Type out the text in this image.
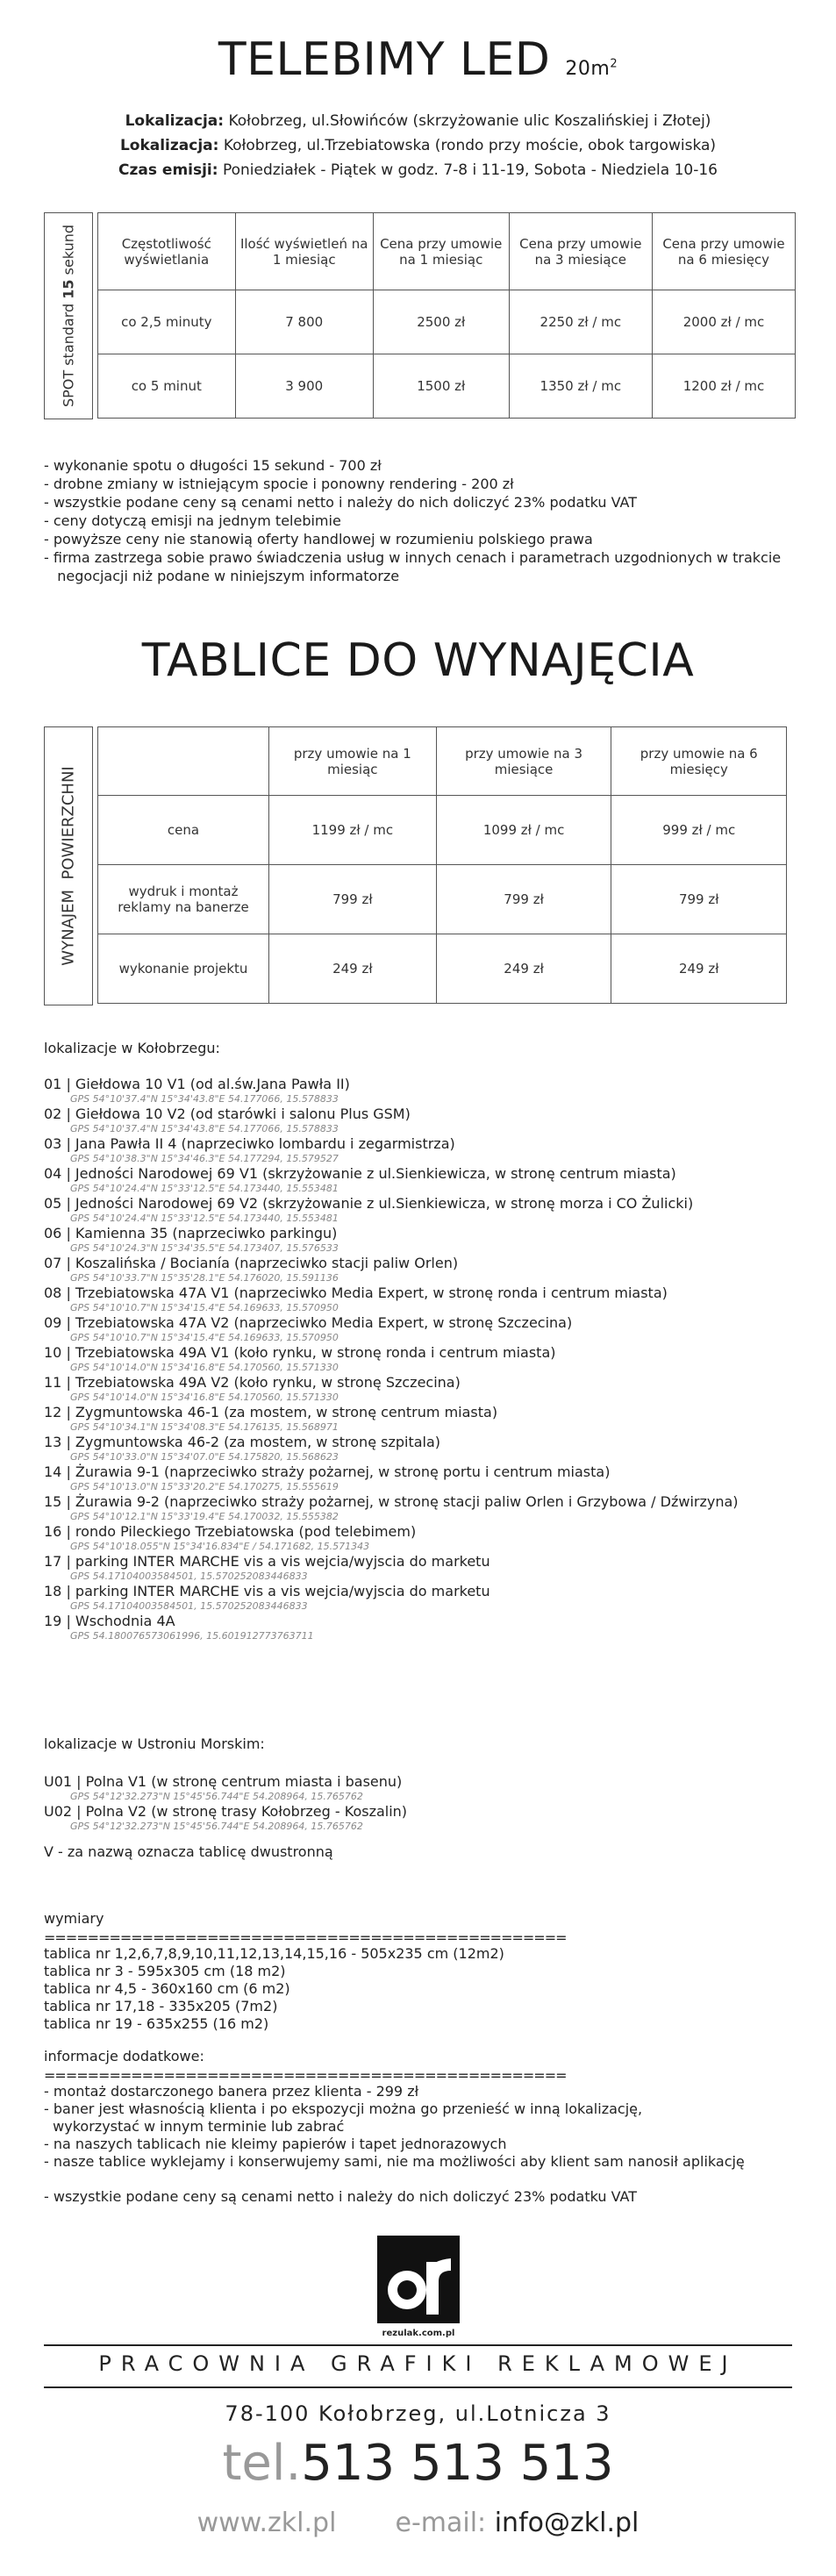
TELEBIMY LED $20m^2$
Lokalizacja: Kołobrzeg, ul.Słowińców (skrzyżowanie ulic Koszalińskiej i Złotej)
Lokalizacja: Kołobrzeg, ul.Trzebiatowska (rondo przy moście, obok targowiska)
Czas emisji: Poniedziałek - Piątek w godz. 7-8 i 11-19, Sobota - Niedziela 10-16
SPOT standard 15 sekund	Częstotliwość wyświetlania	Ilość wyświetleń na 1 miesiąc	Cena przy umowie na 1 miesiąc	Cena przy umowie na 3 miesiące	Cena przy umowie na 6 miesięcy
co 2,5 minuty	7 800	2500 zł	2250 zł / mc	2000 zł / mc
co 5 minut	3 900	1500 zł	1350 zł / mc	1200 zł / mc
- wykonanie spotu o długości 15 sekund - 700 zł
- drobne zmiany w istniejącym spocie i ponowny rendering - 200 zł
- wszystkie podane ceny są cenami netto i należy do nich doliczyć 23% podatku VAT
- ceny dotyczą emisji na jednym telebimie
- powyższe ceny nie stanowią oferty handlowej w rozumieniu polskiego prawa
- firma zastrzega sobie prawo świadczenia usług w innych cenach i parametrach uzgodnionych w trakcie
negocjacji niż podane w niniejszym informatorze
TABLICE DO WYNAJĘCIA
WYNAJEM  POWIERZCHNI
	przy umowie na 1 miesiąc	przy umowie na 3 miesiące	przy umowie na 6 miesięcy
cena	1199 zł / mc	1099 zł / mc	999 zł / mc
wydruk i montaż reklamy na banerze	799 zł	799 zł	799 zł
wykonanie projektu	249 zł	249 zł	249 zł
lokalizacje w Kołobrzegu:
01 | Giełdowa 10 V1 (od al.św.Jana Pawła II)
GPS 54°10'37.4"N 15°34'43.8"E 54.177066, 15.578833
02 | Giełdowa 10 V2 (od starówki i salonu Plus GSM)
GPS 54°10'37.4"N 15°34'43.8"E 54.177066, 15.578833
03 | Jana Pawła II 4 (naprzeciwko lombardu i zegarmistrza)
GPS 54°10'38.3"N 15°34'46.3"E 54.177294, 15.579527
04 | Jedności Narodowej 69 V1 (skrzyżowanie z ul.Sienkiewicza, w stronę centrum miasta)
GPS 54°10'24.4"N 15°33'12.5"E 54.173440, 15.553481
05 | Jedności Narodowej 69 V2 (skrzyżowanie z ul.Sienkiewicza, w stronę morza i CO Żulicki)
GPS 54°10'24.4"N 15°33'12.5"E 54.173440, 15.553481
06 | Kamienna 35 (naprzeciwko parkingu)
GPS 54°10'24.3"N 15°34'35.5"E 54.173407, 15.576533
07 | Koszalińska / Bocianía (naprzeciwko stacji paliw Orlen)
GPS 54°10'33.7"N 15°35'28.1"E 54.176020, 15.591136
08 | Trzebiatowska 47A V1 (naprzeciwko Media Expert, w stronę ronda i centrum miasta)
GPS 54°10'10.7"N 15°34'15.4"E 54.169633, 15.570950
09 | Trzebiatowska 47A V2 (naprzeciwko Media Expert, w stronę Szczecina)
GPS 54°10'10.7"N 15°34'15.4"E 54.169633, 15.570950
10 | Trzebiatowska 49A V1 (koło rynku, w stronę ronda i centrum miasta)
GPS 54°10'14.0"N 15°34'16.8"E 54.170560, 15.571330
11 | Trzebiatowska 49A V2 (koło rynku, w stronę Szczecina)
GPS 54°10'14.0"N 15°34'16.8"E 54.170560, 15.571330
12 | Zygmuntowska 46-1 (za mostem, w stronę centrum miasta)
GPS 54°10'34.1"N 15°34'08.3"E 54.176135, 15.568971
13 | Zygmuntowska 46-2 (za mostem, w stronę szpitala)
GPS 54°10'33.0"N 15°34'07.0"E 54.175820, 15.568623
14 | Żurawia 9-1 (naprzeciwko straży pożarnej, w stronę portu i centrum miasta)
GPS 54°10'13.0"N 15°33'20.2"E 54.170275, 15.555619
15 | Żurawia 9-2 (naprzeciwko straży pożarnej, w stronę stacji paliw Orlen i Grzybowa / Dźwirzyna)
GPS 54°10'12.1"N 15°33'19.4"E 54.170032, 15.555382
16 | rondo Pileckiego Trzebiatowska (pod telebimem)
GPS 54°10'18.055"N 15°34'16.834"E / 54.171682, 15.571343
17 | parking INTER MARCHE vis a vis wejcia/wyjscia do marketu
GPS 54.17104003584501, 15.570252083446833
18 | parking INTER MARCHE vis a vis wejcia/wyjscia do marketu
GPS 54.17104003584501, 15.570252083446833
19 | Wschodnia 4A
GPS 54.180076573061996, 15.601912773763711
lokalizacje w Ustroniu Morskim:
U01 | Polna V1 (w stronę centrum miasta i basenu)
GPS 54°12'32.273"N 15°45'56.744"E 54.208964, 15.765762
U02 | Polna V2 (w stronę trasy Kołobrzeg - Koszalin)
GPS 54°12'32.273"N 15°45'56.744"E 54.208964, 15.765762
V - za nazwą oznacza tablicę dwustronną
wymiary
================================================
tablica nr 1,2,6,7,8,9,10,11,12,13,14,15,16 - 505x235 cm (12m2)
tablica nr 3 - 595x305 cm (18 m2)
tablica nr 4,5 - 360x160 cm (6 m2)
tablica nr 17,18 - 335x205 (7m2)
tablica nr 19 - 635x255 (16 m2)
informacje dodatkowe:
================================================
- montaż dostarczonego banera przez klienta - 299 zł
- baner jest własnością klienta i po ekspozycji można go przenieść w inną lokalizację,
wykorzystać w innym terminie lub zabrać
- na naszych tablicach nie kleimy papierów i tapet jednorazowych
- nasze tablice wyklejamy i konserwujemy sami, nie ma możliwości aby klient sam nanosił aplikację
- wszystkie podane ceny są cenami netto i należy do nich doliczyć 23% podatku VAT
rezulak.com.pl
PRACOWNIA GRAFIKI REKLAMOWEJ
78-100 Kołobrzeg, ul.Lotnicza 3
tel.513 513 513
www.zkl.pl e-mail: info@zkl.pl
